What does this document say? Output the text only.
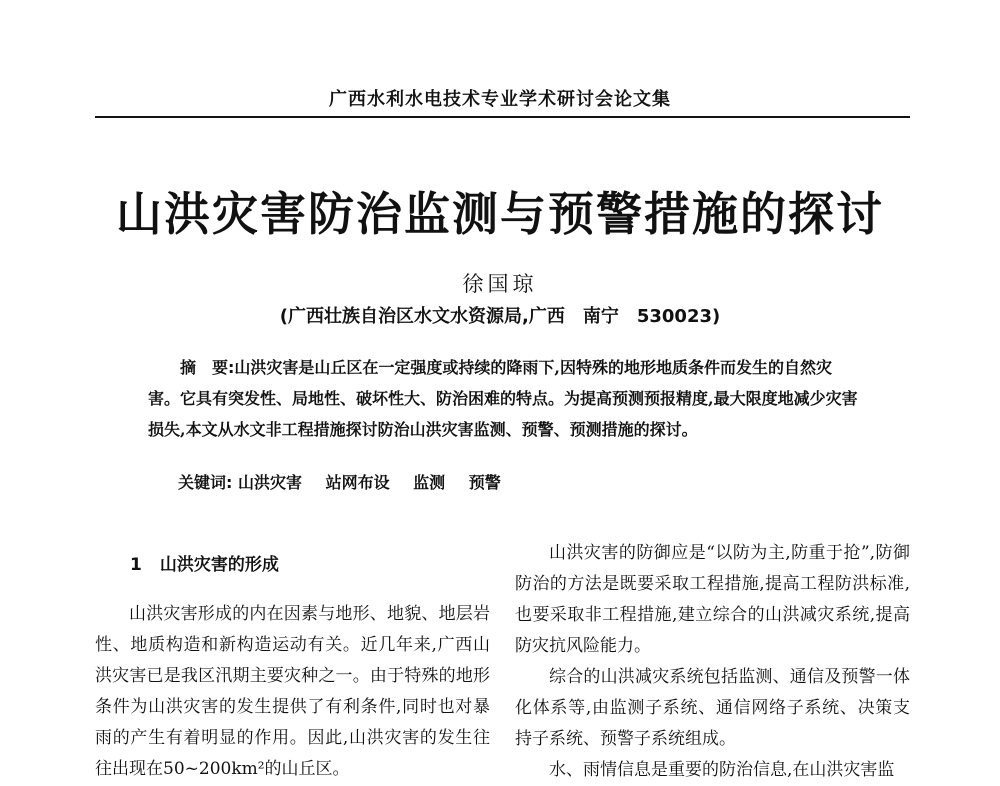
广西水利水电技术专业学术研讨会论文集
山洪灾害防治监测与预警措施的探讨
徐国琼
(广西壮族自治区水文水资源局,广西　南宁　530023)
摘　要:山洪灾害是山丘区在一定强度或持续的降雨下,因特殊的地形地质条件而发生的自然灾害。它具有突发性、局地性、破坏性大、防治困难的特点。为提高预测预报精度,最大限度地减少灾害损失,本文从水文非工程措施探讨防治山洪灾害监测、预警、预测措施的探讨。
关键词: 山洪灾害 站网布设 监测 预警
1 山洪灾害的形成

山洪灾害形成的内在因素与地形、地貌、地层岩性、地质构造和新构造运动有关。近几年来,广西山洪灾害已是我区汛期主要灾种之一。由于特殊的地形条件为山洪灾害的发生提供了有利条件,同时也对暴雨的产生有着明显的作用。因此,山洪灾害的发生往往出现在50~200km²的山丘区。

山洪灾害的防御应是“以防为主,防重于抢”,防御防治的方法是既要采取工程措施,提高工程防洪标准,也要采取非工程措施,建立综合的山洪减灾系统,提高防灾抗风险能力。

综合的山洪减灾系统包括监测、通信及预警一体化体系等,由监测子系统、通信网络子系统、决策支持子系统、预警子系统组成。

水、雨情信息是重要的防治信息,在山洪灾害监
